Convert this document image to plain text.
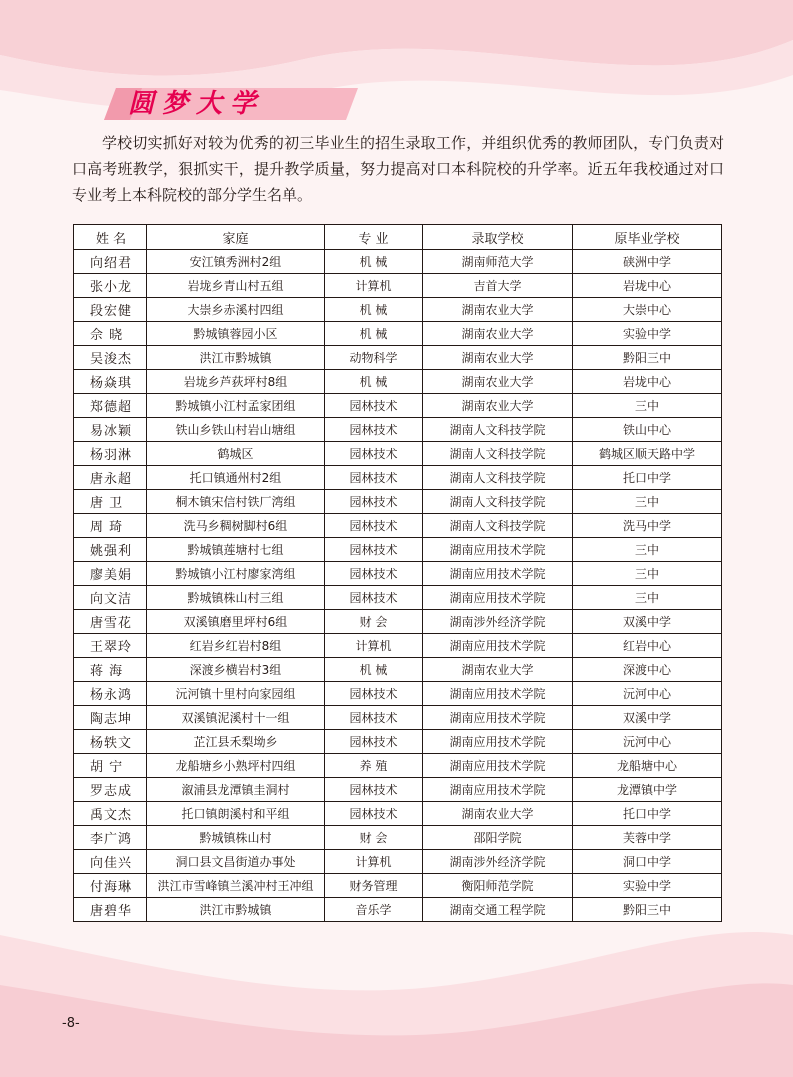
圆梦大学

学校切实抓好对较为优秀的初三毕业生的招生录取工作，并组织优秀的教师团队，专门负责对口高考班教学，狠抓实干，提升教学质量，努力提高对口本科院校的升学率。近五年我校通过对口专业考上本科院校的部分学生名单。

姓 名	家庭	专 业	录取学校	原毕业学校
向绍君	安江镇秀洲村2组	机 械	湖南师范大学	硖洲中学
张小龙	岩垅乡青山村五组	计算机	吉首大学	岩垅中心
段宏健	大崇乡赤溪村四组	机 械	湖南农业大学	大崇中心
佘 晓	黔城镇蓉园小区	机 械	湖南农业大学	实验中学
吴浚杰	洪江市黔城镇	动物科学	湖南农业大学	黔阳三中
杨焱琪	岩垅乡芦荻坪村8组	机 械	湖南农业大学	岩垅中心
郑德超	黔城镇小江村孟家团组	园林技术	湖南农业大学	三中
易冰颖	铁山乡铁山村岩山塘组	园林技术	湖南人文科技学院	铁山中心
杨羽淋	鹤城区	园林技术	湖南人文科技学院	鹤城区顺天路中学
唐永超	托口镇通州村2组	园林技术	湖南人文科技学院	托口中学
唐 卫	桐木镇宋信村铁厂湾组	园林技术	湖南人文科技学院	三中
周 琦	洗马乡稠树脚村6组	园林技术	湖南人文科技学院	洗马中学
姚强利	黔城镇莲塘村七组	园林技术	湖南应用技术学院	三中
廖美娟	黔城镇小江村廖家湾组	园林技术	湖南应用技术学院	三中
向文洁	黔城镇株山村三组	园林技术	湖南应用技术学院	三中
唐雪花	双溪镇磨里坪村6组	财 会	湖南涉外经济学院	双溪中学
王翠玲	红岩乡红岩村8组	计算机	湖南应用技术学院	红岩中心
蒋 海	深渡乡横岩村3组	机 械	湖南农业大学	深渡中心
杨永鸿	沅河镇十里村向家园组	园林技术	湖南应用技术学院	沅河中心
陶志坤	双溪镇泥溪村十一组	园林技术	湖南应用技术学院	双溪中学
杨轶文	芷江县禾梨坳乡	园林技术	湖南应用技术学院	沅河中心
胡 宁	龙船塘乡小熟坪村四组	养 殖	湖南应用技术学院	龙船塘中心
罗志成	溆浦县龙潭镇圭洞村	园林技术	湖南应用技术学院	龙潭镇中学
禹文杰	托口镇朗溪村和平组	园林技术	湖南农业大学	托口中学
李广鸿	黔城镇株山村	财 会	邵阳学院	芙蓉中学
向佳兴	洞口县文昌街道办事处	计算机	湖南涉外经济学院	洞口中学
付海琳	洪江市雪峰镇兰溪冲村王冲组	财务管理	衡阳师范学院	实验中学
唐碧华	洪江市黔城镇	音乐学	湖南交通工程学院	黔阳三中
-8-
